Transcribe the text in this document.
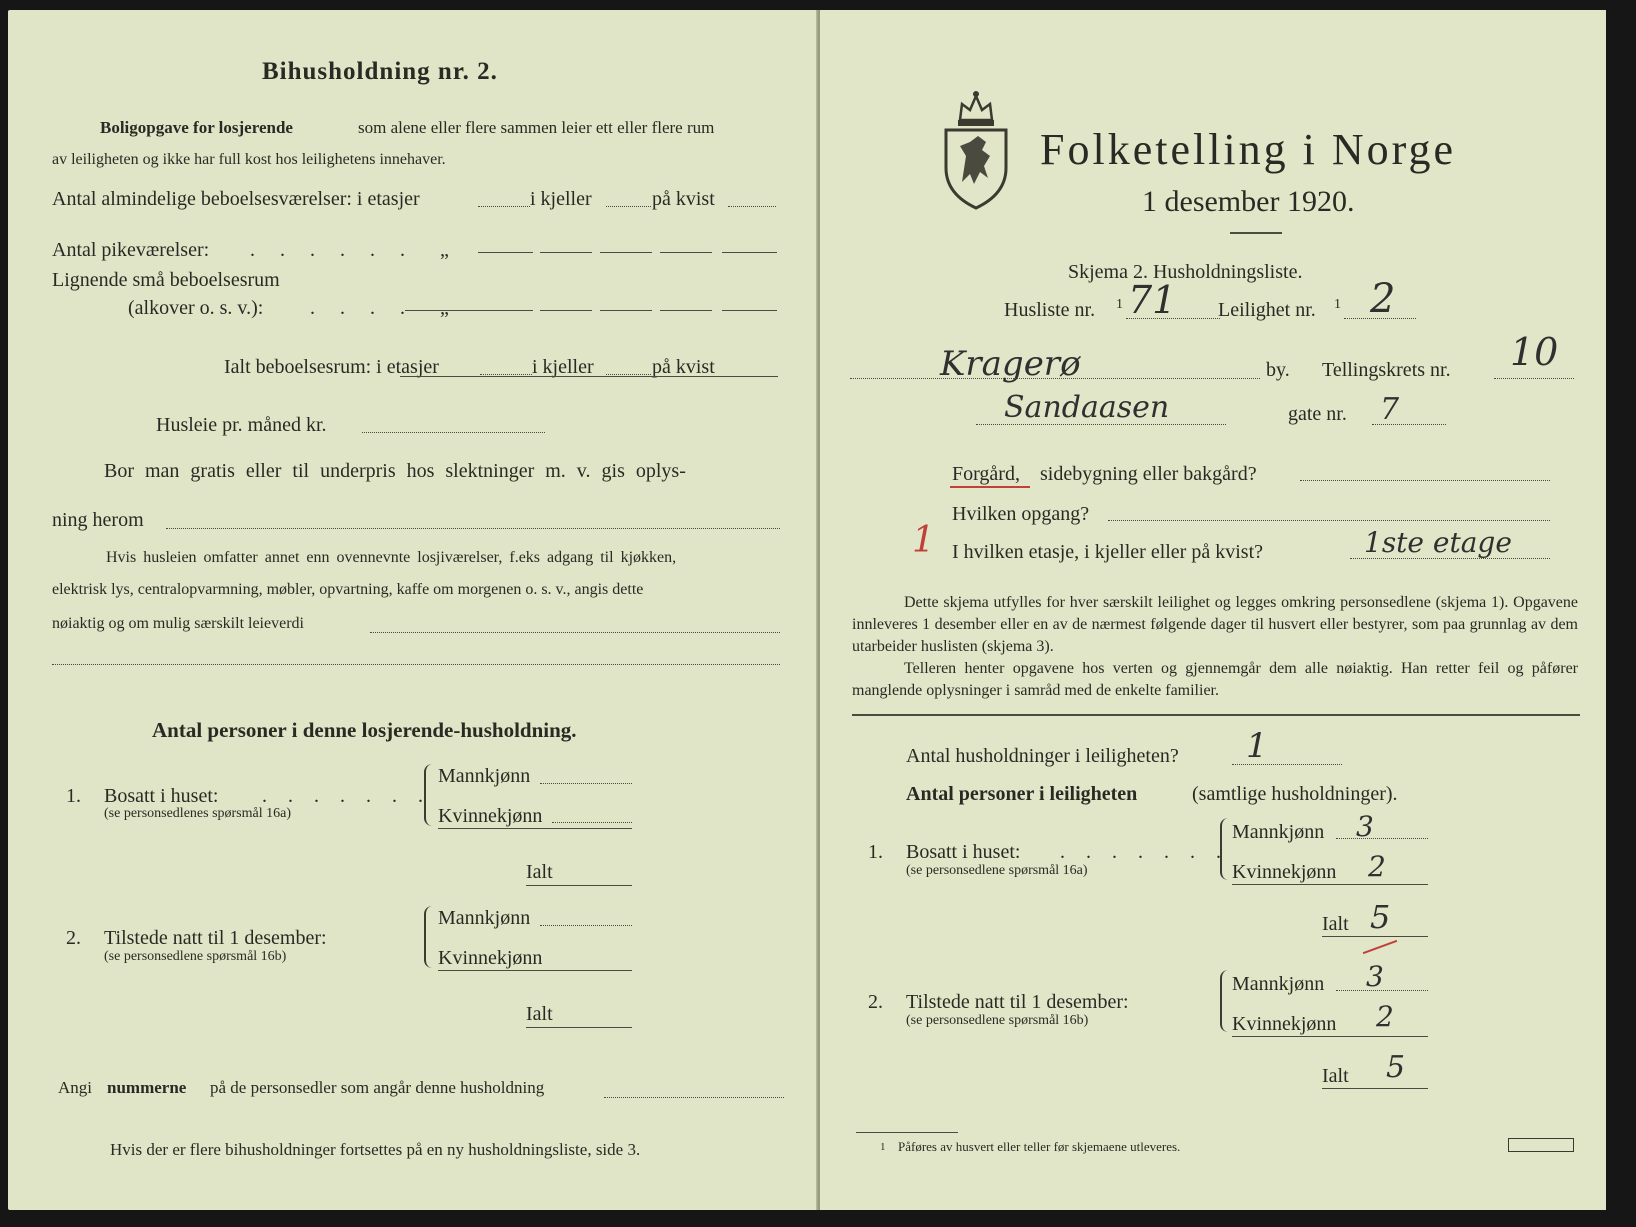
Bihusholdning nr. 2.
Boligopgave for losjerende	som alene eller flere sammen leier ett eller flere rum
av leiligheten og ikke har full kost hos leilighetens innehaver.
Antal almindelige beboelsesværelser: i etasjer	i kjeller	på kvist
Antal pikeværelser: . . . . . . „
Lignende små beboelsesrum
(alkover o. s. v.): . . . . „
Ialt beboelsesrum: i etasjer	i kjeller	på kvist
Husleie pr. måned kr.
Bor man gratis eller til underpris hos slektninger m. v. gis oplys-
ning herom
Hvis husleien omfatter annet enn ovennevnte losjiværelser, f.eks adgang til kjøkken,
elektrisk lys, centralopvarmning, møbler, opvartning, kaffe om morgenen o. s. v., angis dette
nøiaktig og om mulig særskilt leieverdi
Antal personer i denne losjerende-husholdning.
1. Bosatt i huset: . . . . . . .
(se personsedlenes spørsmål 16a)
Mannkjønn
Kvinnekjønn
Ialt
2. Tilstede natt til 1 desember:
(se personsedlene spørsmål 16b)
Mannkjønn
Kvinnekjønn
Ialt
Angi nummerne på de personsedler som angår denne husholdning
Hvis der er flere bihusholdninger fortsettes på en ny husholdningsliste, side 3.
Folketelling i Norge
1 desember 1920.
Skjema 2. Husholdningsliste.
Husliste nr. 1 71 Leilighet nr. 1 2
Kragerø	by. Tellingskrets nr. 10
Sandaasen	gate nr. 7
Forgård, sidebygning eller bakgård?
Hvilken opgang?
1 I hvilken etasje, i kjeller eller på kvist?	1ste etage
Dette skjema utfylles for hver særskilt leilighet og legges omkring personsedlene (skjema 1). Opgavene innleveres 1 desember eller en av de nærmest følgende dager til husvert eller bestyrer, som paa grunnlag av dem utarbeider huslisten (skjema 3).
Telleren henter opgavene hos verten og gjennemgår dem alle nøiaktig. Han retter feil og påfører manglende oplysninger i samråd med de enkelte familier.
Antal husholdninger i leiligheten? 1
Antal personer i leiligheten	(samtlige husholdninger).
1. Bosatt i huset: . . . . . . .
(se personsedlene spørsmål 16a)
Mannkjønn 3
Kvinnekjønn 2
Ialt 5
2. Tilstede natt til 1 desember:
(se personsedlene spørsmål 16b)
Mannkjønn 3
Kvinnekjønn 2
Ialt 5
1 Påføres av husvert eller teller før skjemaene utleveres.
